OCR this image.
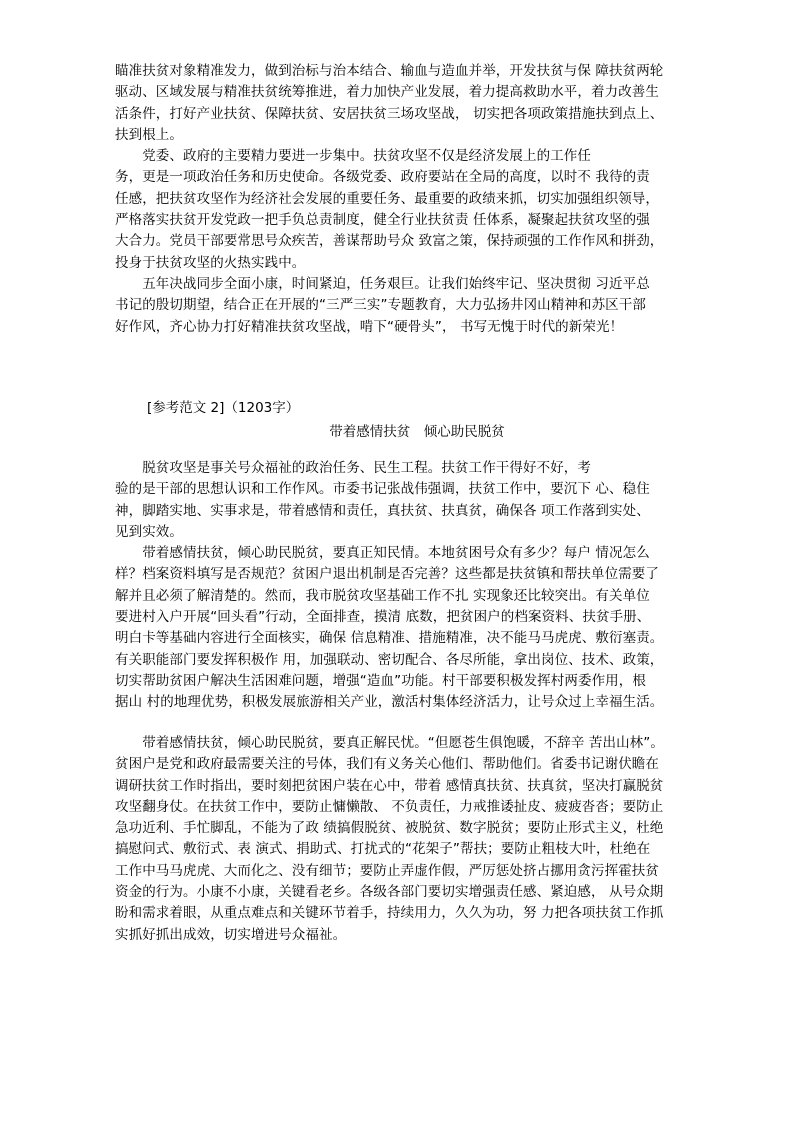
瞄准扶贫对象精准发力，做到治标与治本结合、输血与造血并举，开发扶贫与保 障扶贫两轮
驱动、区域发展与精准扶贫统筹推进，着力加快产业发展，着力提高救助水平，着力改善生
活条件，打好产业扶贫、保障扶贫、安居扶贫三场攻坚战， 切实把各项政策措施扶到点上、
扶到根上。
　　党委、政府的主要精力要进一步集中。扶贫攻坚不仅是经济发展上的工作任
务，更是一项政治任务和历史使命。各级党委、政府要站在全局的高度，以时不 我待的责
任感，把扶贫攻坚作为经济社会发展的重要任务、最重要的政绩来抓，切实加强组织领导，
严格落实扶贫开发党政一把手负总责制度，健全行业扶贫责 任体系，凝聚起扶贫攻坚的强
大合力。党员干部要常思号众疾苦，善谋帮助号众 致富之策，保持顽强的工作作风和拼劲，
投身于扶贫攻坚的火热实践中。
　　五年决战同步全面小康，时间紧迫，任务艰巨。让我们始终牢记、坚决贯彻 习近平总
书记的殷切期望，结合正在开展的“三严三实”专题教育，大力弘扬井冈山精神和苏区干部
好作风，齐心协力打好精准扶贫攻坚战，啃下“硬骨头”， 书写无愧于时代的新荣光！
[参考范文 2]（1203字）
带着感情扶贫　倾心助民脱贫
　　脱贫攻坚是事关号众福祉的政治任务、民生工程。扶贫工作干得好不好，考
验的是干部的思想认识和工作作风。市委书记张战伟强调，扶贫工作中，要沉下 心、稳住
神，脚踏实地、实事求是，带着感情和责任，真扶贫、扶真贫，确保各 项工作落到实处、
见到实效。
　　带着感情扶贫，倾心助民脱贫，要真正知民情。本地贫困号众有多少？每户 情况怎么
样？档案资料填写是否规范？贫困户退出机制是否完善？这些都是扶贫镇和帮扶单位需要了
解并且必须了解清楚的。然而，我市脱贫攻坚基础工作不扎 实现象还比较突出。有关单位
要进村入户开展“回头看”行动，全面排查，摸清 底数，把贫困户的档案资料、扶贫手册、
明白卡等基础内容进行全面核实，确保 信息精准、措施精准，决不能马马虎虎、敷衍塞责。
有关职能部门要发挥积极作 用，加强联动、密切配合、各尽所能，拿出岗位、技术、政策，
切实帮助贫困户解决生活困难问题，增强“造血”功能。村干部要积极发挥村两委作用，根
据山 村的地理优势，积极发展旅游相关产业，激活村集体经济活力，让号众过上幸福生活。
　　带着感情扶贫，倾心助民脱贫，要真正解民忧。“但愿苍生俱饱暖，不辞辛 苦出山林”。
贫困户是党和政府最需要关注的号体，我们有义务关心他们、帮助他们。省委书记谢伏瞻在
调研扶贫工作时指出，要时刻把贫困户装在心中，带着 感情真扶贫、扶真贫，坚决打赢脱贫
攻坚翻身仗。在扶贫工作中，要防止慵懒散、 不负责任，力戒推诿扯皮、疲疲沓沓；要防止
急功近利、手忙脚乱，不能为了政 绩搞假脱贫、被脱贫、数字脱贫；要防止形式主义，杜绝
搞慰问式、敷衍式、表 演式、捐助式、打扰式的“花架子”帮扶；要防止粗枝大叶，杜绝在
工作中马马虎虎、大而化之、没有细节；要防止弄虚作假，严厉惩处挤占挪用贪污挥霍扶贫
资金的行为。小康不小康，关键看老乡。各级各部门要切实增强责任感、紧迫感， 从号众期
盼和需求着眼，从重点难点和关键环节着手，持续用力，久久为功，努 力把各项扶贫工作抓
实抓好抓出成效，切实增进号众福祉。
